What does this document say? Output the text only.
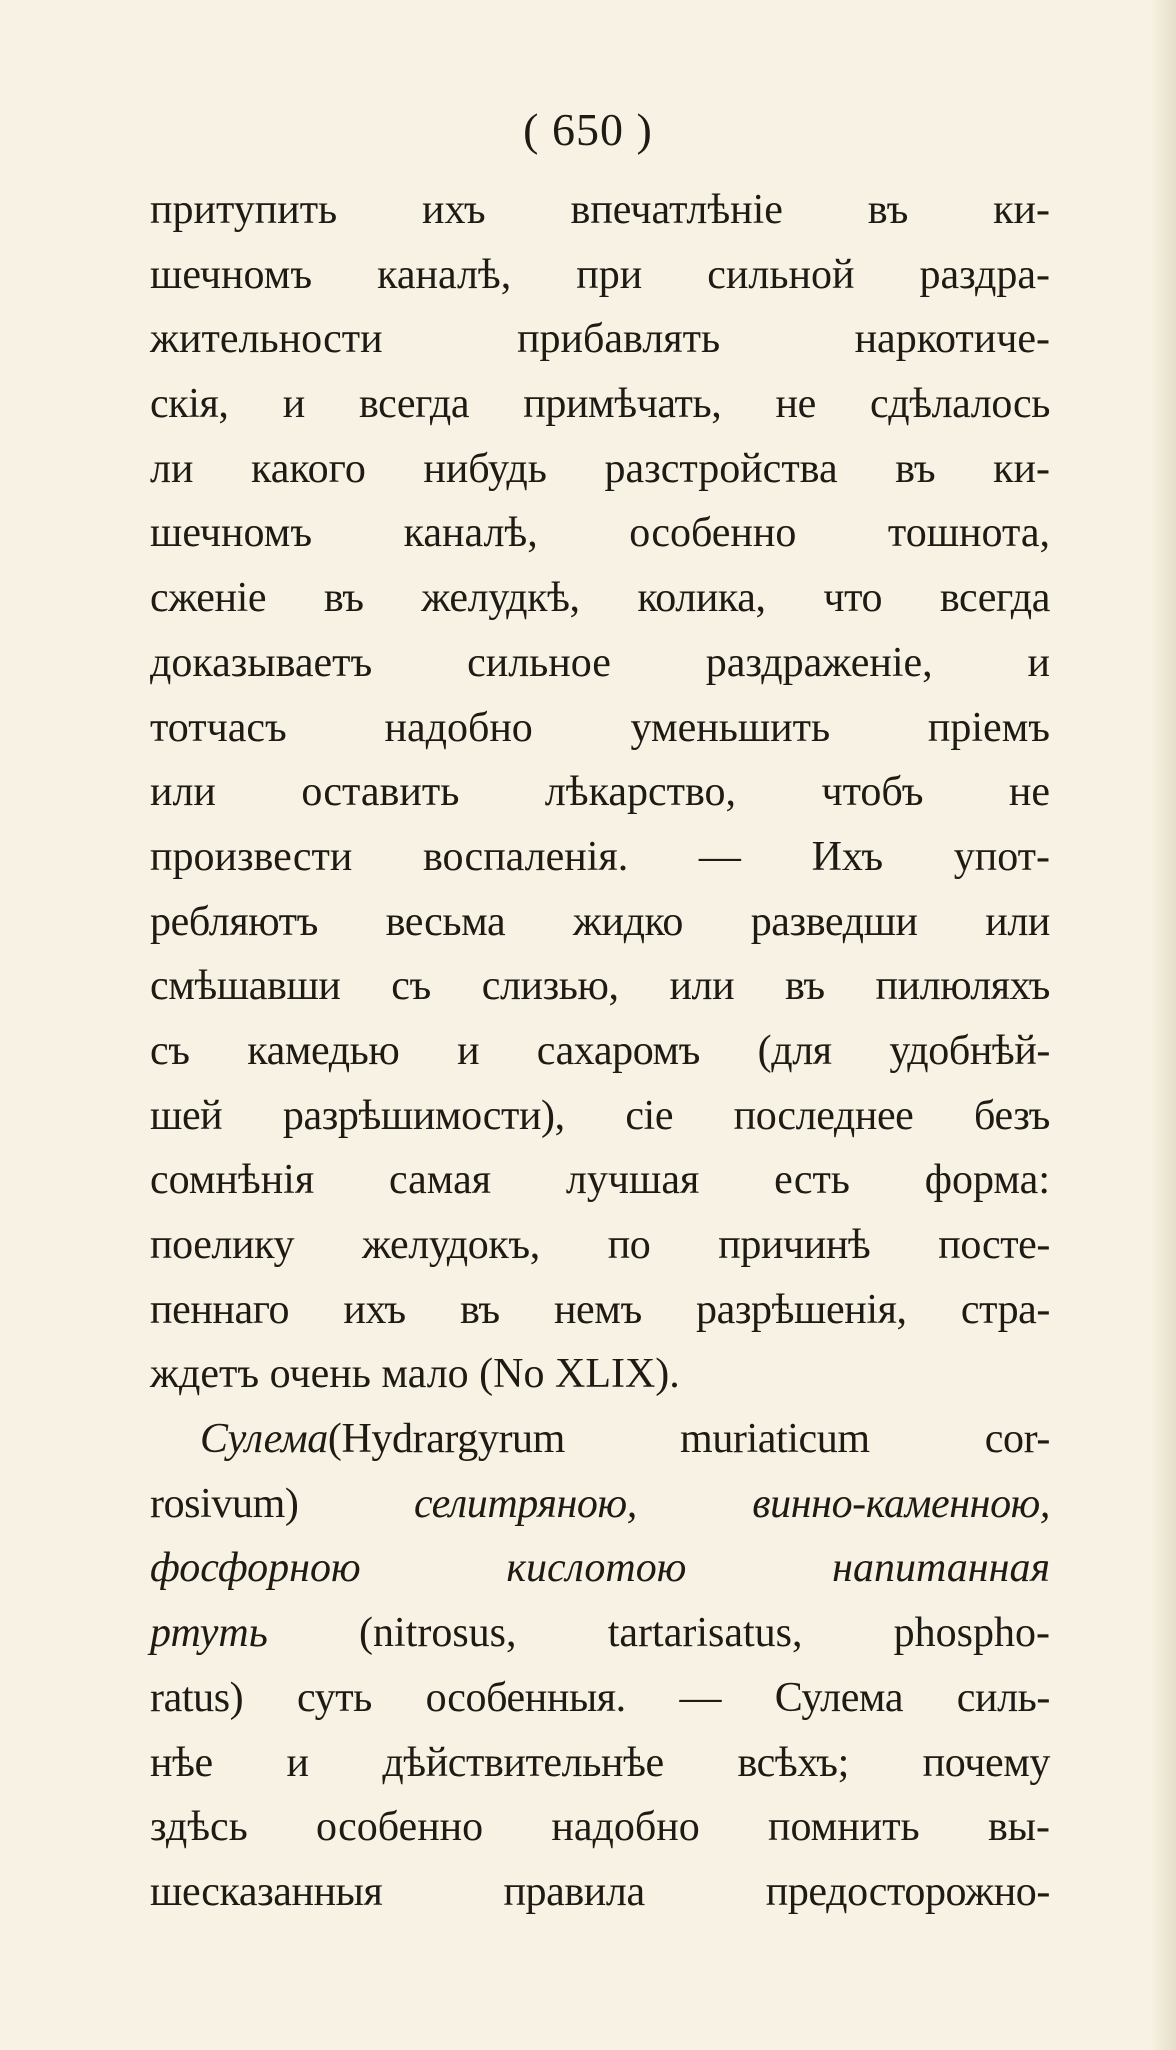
( 650 )
притупить ихъ впечатлѣніе въ ки-
шечномъ каналѣ, при сильной раздра-
жительности прибавлять наркотиче-
скія, и всегда примѣчать, не сдѣлалось
ли какого нибудь разстройства въ ки-
шечномъ каналѣ, особенно тошнота,
сженіе въ желудкѣ, колика, что всегда
доказываетъ сильное раздраженіе, и
тотчасъ надобно уменьшить пріемъ
или оставить лѣкарство, чтобъ не
произвести воспаленія. — Ихъ упот-
ребляютъ весьма жидко разведши или
смѣшавши съ слизью, или въ пилюляхъ
съ камедью и сахаромъ (для удобнѣй-
шей разрѣшимости), сіе последнее безъ
сомнѣнія самая лучшая есть форма:
поелику желудокъ, по причинѣ посте-
пеннаго ихъ въ немъ разрѣшенія, стра-
ждетъ очень мало (No XLIX).
Сулема(Hydrargyrum muriaticum cor-
rosivum)	селитряною, винно-каменною,
фосфорною кислотою напитанная
ртуть (nitrosus, tartarisatus, phospho-
ratus) суть особенныя. — Сулема силь-
нѣе и дѣйствительнѣе всѣхъ; почему
здѣсь особенно надобно помнить вы-
шесказанныя правила предосторожно-
